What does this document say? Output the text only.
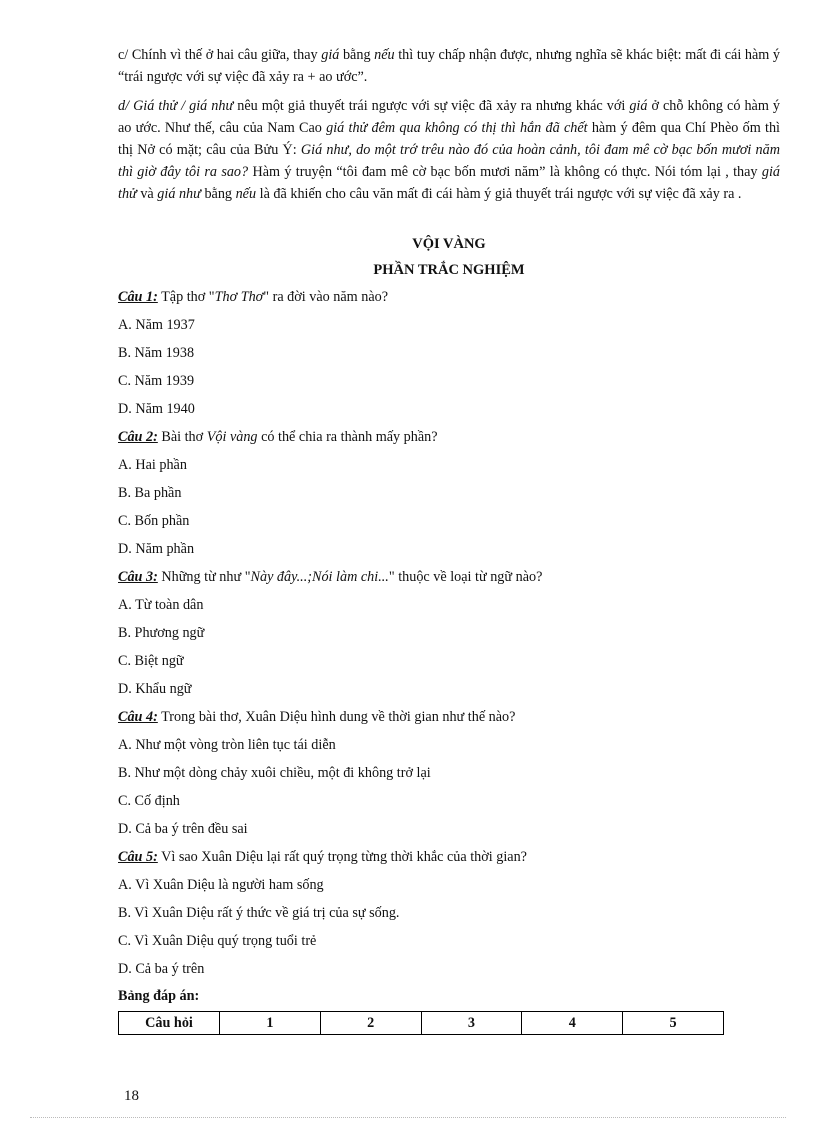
c/ Chính vì thế ở hai câu giữa, thay giá bằng nếu thì tuy chấp nhận được, nhưng nghĩa sẽ khác biệt: mất đi cái hàm ý “trái ngược với sự việc đã xảy ra + ao ước”.

d/ Giá thử / giá như nêu một giả thuyết trái ngược với sự việc đã xảy ra nhưng khác với giá ở chỗ không có hàm ý ao ước. Như thế, câu của Nam Cao giá thử đêm qua không có thị thì hắn đã chết hàm ý đêm qua Chí Phèo ốm thì thị Nở có mặt; câu của Bửu Ý: Giá như, do một trớ trêu nào đó của hoàn cảnh, tôi đam mê cờ bạc bốn mươi năm thì giờ đây tôi ra sao? Hàm ý truyện “tôi đam mê cờ bạc bốn mươi năm” là không có thực. Nói tóm lại , thay giá thử và giá như bằng nếu là đã khiến cho câu văn mất đi cái hàm ý giả thuyết trái ngược với sự việc đã xảy ra .

VỘI VÀNG
PHẦN TRẮC NGHIỆM
Câu 1: Tập thơ "Thơ Thơ" ra đời vào năm nào?
A. Năm 1937
B. Năm 1938
C. Năm 1939
D. Năm 1940
Câu 2: Bài thơ Vội vàng có thể chia ra thành mấy phần?
A. Hai phần
B. Ba phần
C. Bốn phần
D. Năm phần
Câu 3: Những từ như "Này đây...;Nói làm chi..." thuộc về loại từ ngữ nào?
A. Từ toàn dân
B. Phương ngữ
C. Biệt ngữ
D. Khẩu ngữ
Câu 4: Trong bài thơ, Xuân Diệu hình dung về thời gian như thế nào?
A. Như một vòng tròn liên tục tái diễn
B. Như một dòng chảy xuôi chiều, một đi không trở lại
C. Cố định
D. Cả ba ý trên đều sai
Câu 5: Vì sao Xuân Diệu lại rất quý trọng từng thời khắc của thời gian?
A. Vì Xuân Diệu là người ham sống
B. Vì Xuân Diệu rất ý thức về giá trị của sự sống.
C. Vì Xuân Diệu quý trọng tuổi trẻ
D. Cả ba ý trên
Bảng đáp án:
Câu hỏi	1	2	3	4	5
18
